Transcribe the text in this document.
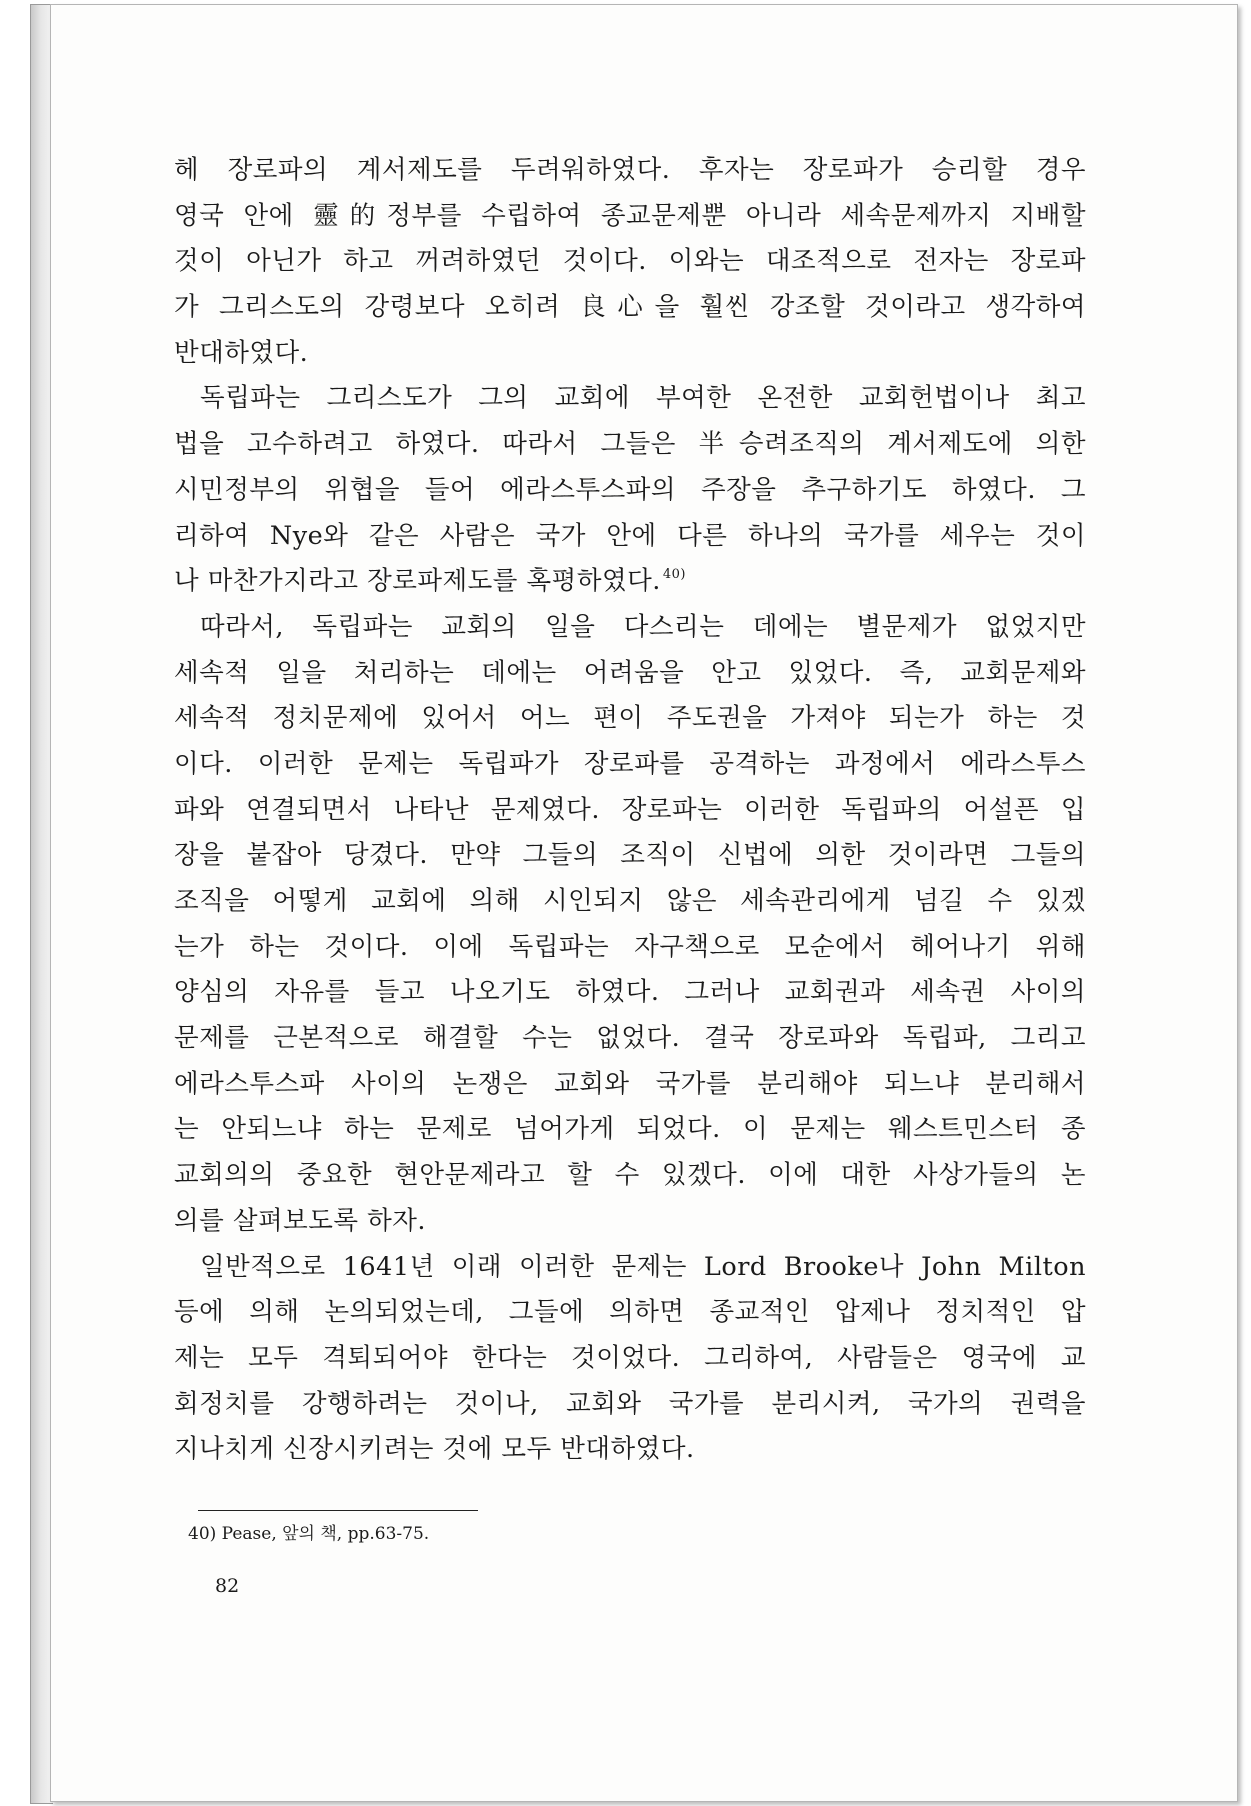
헤 장로파의 계서제도를 두려워하였다. 후자는 장로파가 승리할 경우
영국 안에 靈的정부를 수립하여 종교문제뿐 아니라 세속문제까지 지배할
것이 아닌가 하고 꺼려하였던 것이다. 이와는 대조적으로 전자는 장로파
가 그리스도의 강령보다 오히려 良心을 훨씬 강조할 것이라고 생각하여
반대하였다.
독립파는 그리스도가 그의 교회에 부여한 온전한 교회헌법이나 최고
법을 고수하려고 하였다. 따라서 그들은 半승려조직의 계서제도에 의한
시민정부의 위협을 들어 에라스투스파의 주장을 추구하기도 하였다. 그
리하여 Nye와 같은 사람은 국가 안에 다른 하나의 국가를 세우는 것이
나 마찬가지라고 장로파제도를 혹평하였다. $^{40)}$
따라서, 독립파는 교회의 일을 다스리는 데에는 별문제가 없었지만
세속적 일을 처리하는 데에는 어려움을 안고 있었다. 즉, 교회문제와
세속적 정치문제에 있어서 어느 편이 주도권을 가져야 되는가 하는 것
이다. 이러한 문제는 독립파가 장로파를 공격하는 과정에서 에라스투스
파와 연결되면서 나타난 문제였다. 장로파는 이러한 독립파의 어설픈 입
장을 붙잡아 당겼다. 만약 그들의 조직이 신법에 의한 것이라면 그들의
조직을 어떻게 교회에 의해 시인되지 않은 세속관리에게 넘길 수 있겠
는가 하는 것이다. 이에 독립파는 자구책으로 모순에서 헤어나기 위해
양심의 자유를 들고 나오기도 하였다. 그러나 교회권과 세속권 사이의
문제를 근본적으로 해결할 수는 없었다. 결국 장로파와 독립파, 그리고
에라스투스파 사이의 논쟁은 교회와 국가를 분리해야 되느냐 분리해서
는 안되느냐 하는 문제로 넘어가게 되었다. 이 문제는 웨스트민스터 종
교회의의 중요한 현안문제라고 할 수 있겠다. 이에 대한 사상가들의 논
의를 살펴보도록 하자.
일반적으로 1641년 이래 이러한 문제는 Lord Brooke나 John Milton
등에 의해 논의되었는데, 그들에 의하면 종교적인 압제나 정치적인 압
제는 모두 격퇴되어야 한다는 것이었다. 그리하여, 사람들은 영국에 교
회정치를 강행하려는 것이나, 교회와 국가를 분리시켜, 국가의 권력을
지나치게 신장시키려는 것에 모두 반대하였다.
40) Pease, 앞의 책, pp.63-75.
82
